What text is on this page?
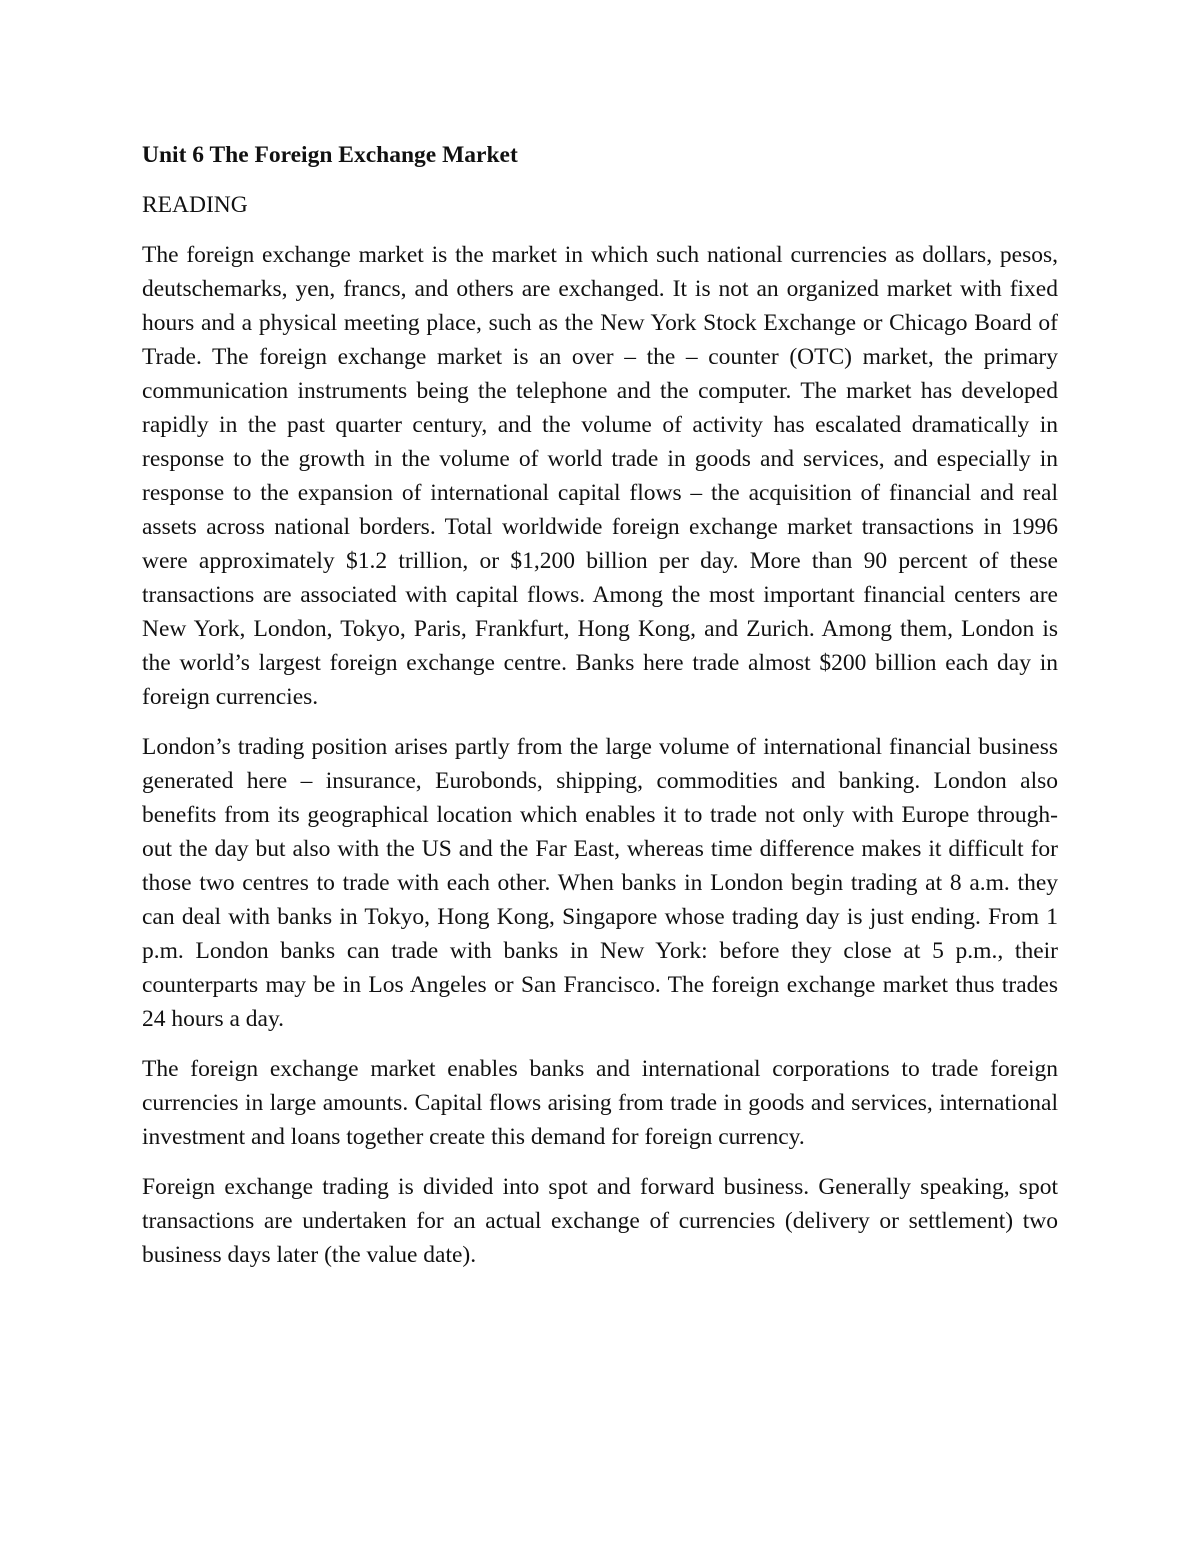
Unit 6 The Foreign Exchange Market
READING

The foreign exchange market is the market in which such national currencies as dollars, pesos, deutschemarks, yen, francs, and others are exchanged. It is not an organized market with fixed hours and a physical meeting place, such as the New York Stock Exchange or Chicago Board of Trade. The foreign exchange market is an over – the – counter (OTC) market, the primary communication instruments being the telephone and the computer. The market has developed rapidly in the past quarter century, and the volume of activity has escalated dramatically in response to the growth in the volume of world trade in goods and services, and especially in response to the expansion of international capital flows – the acquisition of financial and real assets across national borders. Total worldwide foreign exchange market transactions in 1996 were approximately $1.2 trillion, or $1,200 billion per day. More than 90 percent of these transactions are associated with capital flows. Among the most important financial centers are New York, London, Tokyo, Paris, Frankfurt, Hong Kong, and Zurich. Among them, London is the world’s largest foreign exchange centre. Banks here trade almost $200 billion each day in foreign currencies.

London’s trading position arises partly from the large volume of international financial business generated here – insurance, Eurobonds, shipping, commodities and banking. London also benefits from its geographical location which enables it to trade not only with Europe through-out the day but also with the US and the Far East, whereas time difference makes it difficult for those two centres to trade with each other. When banks in London begin trading at 8 a.m. they can deal with banks in Tokyo, Hong Kong, Singapore whose trading day is just ending. From 1 p.m. London banks can trade with banks in New York: before they close at 5 p.m., their counterparts may be in Los Angeles or San Francisco. The foreign exchange market thus trades 24 hours a day.

The foreign exchange market enables banks and international corporations to trade foreign currencies in large amounts. Capital flows arising from trade in goods and services, international investment and loans together create this demand for foreign currency.

Foreign exchange trading is divided into spot and forward business. Generally speaking, spot transactions are undertaken for an actual exchange of currencies (delivery or settlement) two business days later (the value date).
